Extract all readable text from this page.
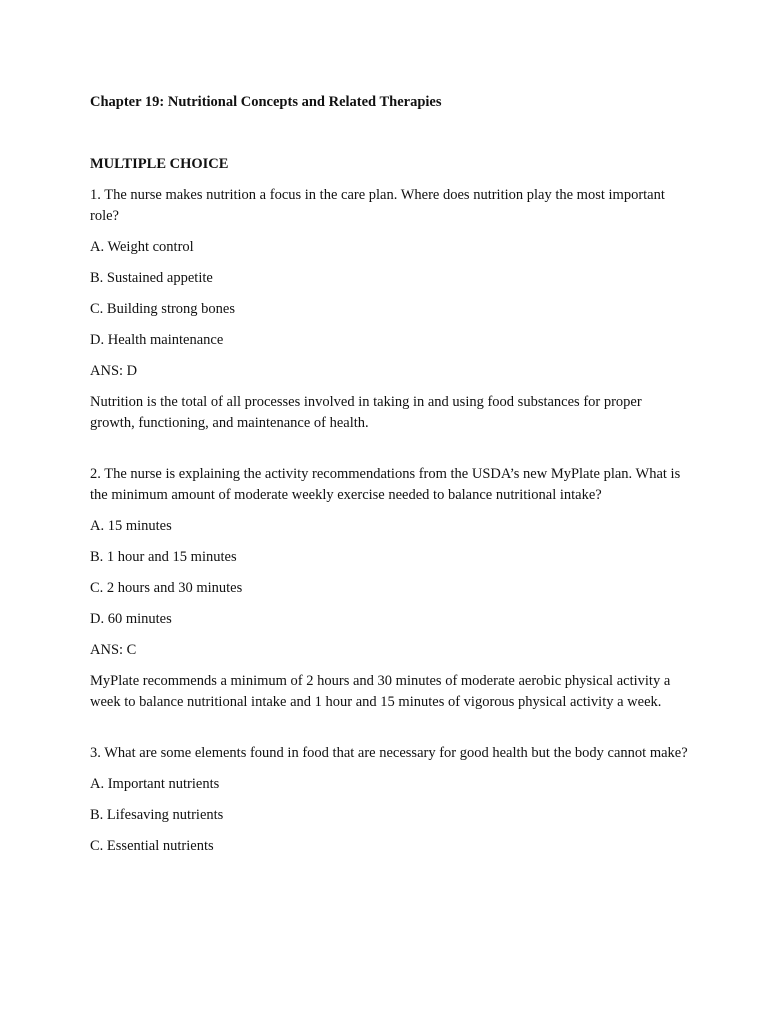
Chapter 19: Nutritional Concepts and Related Therapies
MULTIPLE CHOICE

1. The nurse makes nutrition a focus in the care plan. Where does nutrition play the most important role?

A. Weight control

B. Sustained appetite

C. Building strong bones

D. Health maintenance

ANS: D

Nutrition is the total of all processes involved in taking in and using food substances for proper growth, functioning, and maintenance of health.

2. The nurse is explaining the activity recommendations from the USDA’s new MyPlate plan. What is the minimum amount of moderate weekly exercise needed to balance nutritional intake?

A. 15 minutes

B. 1 hour and 15 minutes

C. 2 hours and 30 minutes

D. 60 minutes

ANS: C

MyPlate recommends a minimum of 2 hours and 30 minutes of moderate aerobic physical activity a week to balance nutritional intake and 1 hour and 15 minutes of vigorous physical activity a week.

3. What are some elements found in food that are necessary for good health but the body cannot make?

A. Important nutrients

B. Lifesaving nutrients

C. Essential nutrients
